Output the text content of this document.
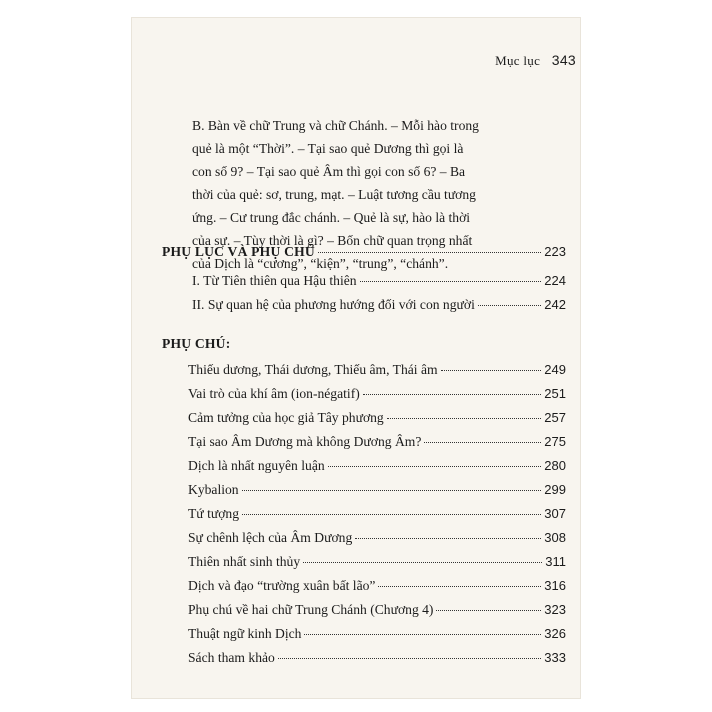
Mục lục 343
B. Bàn về chữ Trung và chữ Chánh. – Mỗi hào trong quẻ là một “Thời”. – Tại sao quẻ Dương thì gọi là con số 9? – Tại sao quẻ Âm thì gọi con số 6? – Ba thời của quẻ: sơ, trung, mạt. – Luật tương cầu tương ứng. – Cư trung đắc chánh. – Quẻ là sự, hào là thời của sự. – Tùy thời là gì? – Bốn chữ quan trọng nhất của Dịch là “cương”, “kiện”, “trung”, “chánh”.
PHỤ LỤC VÀ PHỤ CHÚ	223
I. Từ Tiên thiên qua Hậu thiên	224
II. Sự quan hệ của phương hướng đối với con người	242
PHỤ CHÚ:
Thiếu dương, Thái dương, Thiếu âm, Thái âm	249
Vai trò của khí âm (ion-négatif)	251
Cảm tưởng của học giả Tây phương	257
Tại sao Âm Dương mà không Dương Âm?	275
Dịch là nhất nguyên luận	280
Kybalion	299
Tứ tượng	307
Sự chênh lệch của Âm Dương	308
Thiên nhất sinh thủy	311
Dịch và đạo “trường xuân bất lão”	316
Phụ chú về hai chữ Trung Chánh (Chương 4)	323
Thuật ngữ kinh Dịch	326
Sách tham khảo	333
